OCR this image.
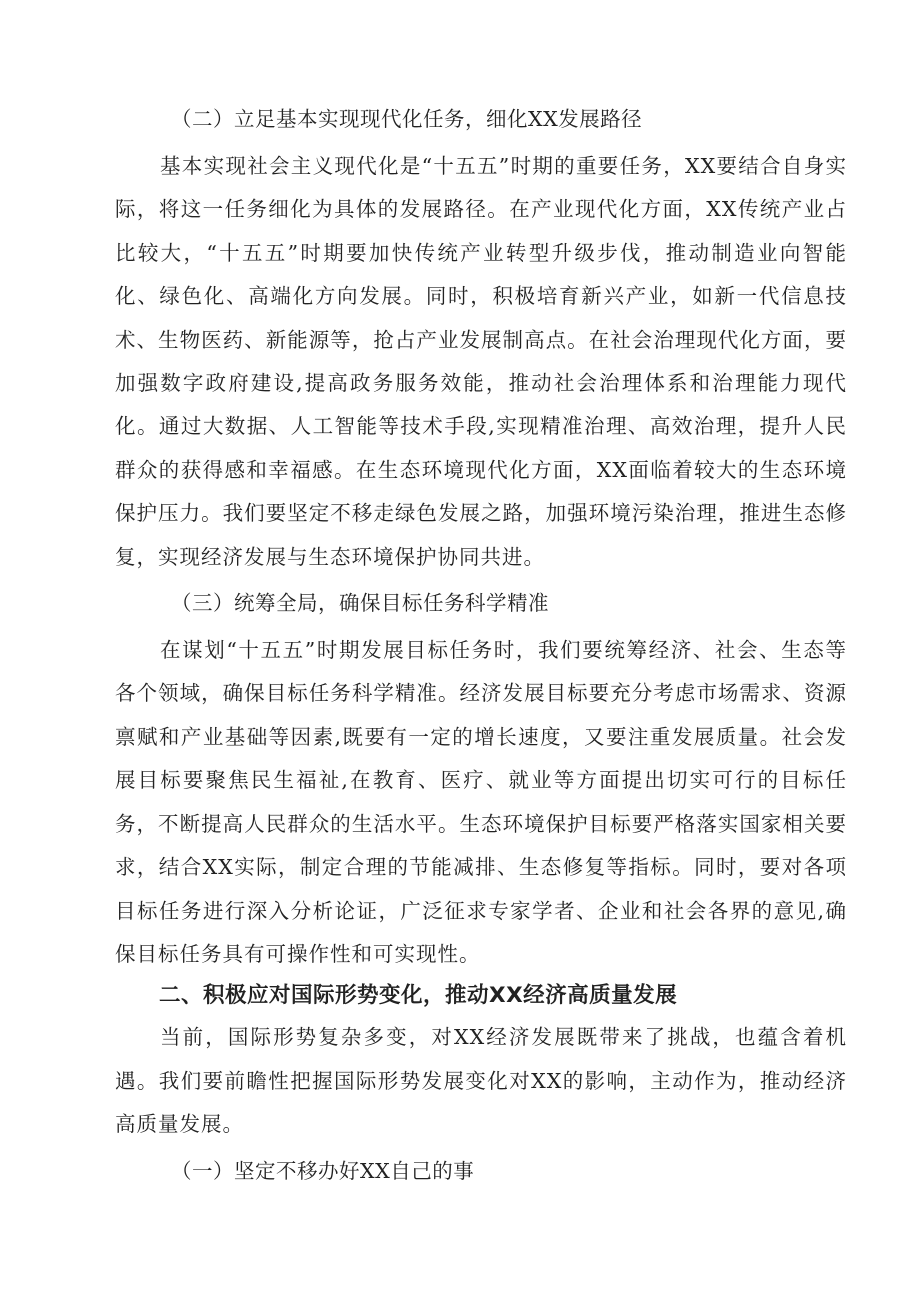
（二）立足基本实现现代化任务，细化XX发展路径

基本实现社会主义现代化是“十五五”时期的重要任务，XX要结合自身实际，将这一任务细化为具体的发展路径。在产业现代化方面，XX传统产业占比较大，“十五五”时期要加快传统产业转型升级步伐，推动制造业向智能化、绿色化、高端化方向发展。同时，积极培育新兴产业，如新一代信息技术、生物医药、新能源等，抢占产业发展制高点。在社会治理现代化方面，要加强数字政府建设,提高政务服务效能，推动社会治理体系和治理能力现代化。通过大数据、人工智能等技术手段,实现精准治理、高效治理，提升人民群众的获得感和幸福感。在生态环境现代化方面，XX面临着较大的生态环境保护压力。我们要坚定不移走绿色发展之路，加强环境污染治理，推进生态修复，实现经济发展与生态环境保护协同共进。

（三）统筹全局，确保目标任务科学精准

在谋划“十五五”时期发展目标任务时，我们要统筹经济、社会、生态等各个领域，确保目标任务科学精准。经济发展目标要充分考虑市场需求、资源禀赋和产业基础等因素,既要有一定的增长速度，又要注重发展质量。社会发展目标要聚焦民生福祉,在教育、医疗、就业等方面提出切实可行的目标任务，不断提高人民群众的生活水平。生态环境保护目标要严格落实国家相关要求，结合XX实际，制定合理的节能减排、生态修复等指标。同时，要对各项目标任务进行深入分析论证，广泛征求专家学者、企业和社会各界的意见,确保目标任务具有可操作性和可实现性。

二、积极应对国际形势变化，推动XX经济高质量发展

当前，国际形势复杂多变，对XX经济发展既带来了挑战，也蕴含着机遇。我们要前瞻性把握国际形势发展变化对XX的影响，主动作为，推动经济高质量发展。

（一）坚定不移办好XX自己的事
